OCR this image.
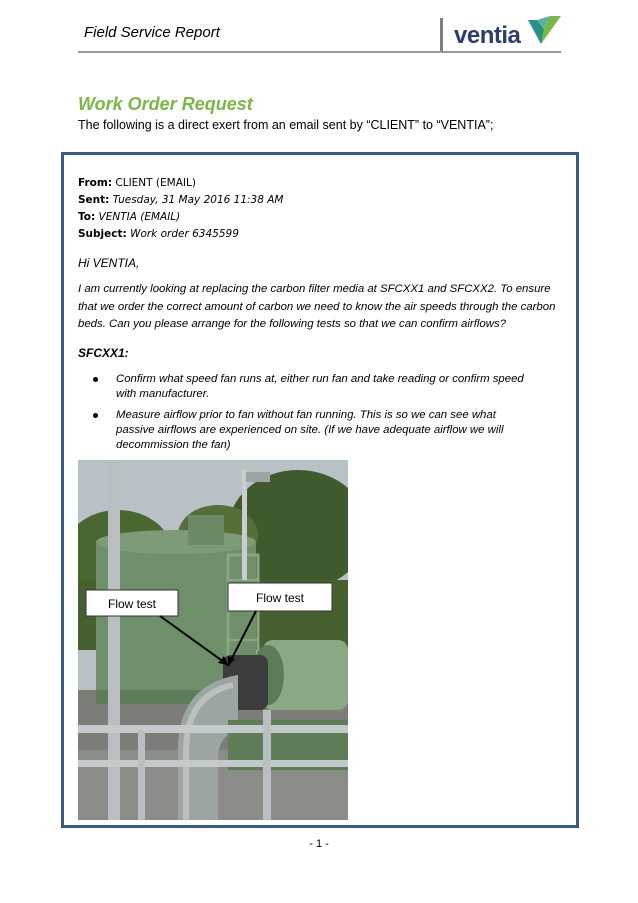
Field Service Report	ventia
Work Order Request
The following is a direct exert from an email sent by “CLIENT” to “VENTIA”;
From: CLIENT (EMAIL)
Sent: Tuesday, 31 May 2016 11:38 AM
To: VENTIA (EMAIL)
Subject: Work order 6345599
Hi VENTIA,
I am currently looking at replacing the carbon filter media at SFCXX1 and SFCXX2. To ensure that we order the correct amount of carbon we need to know the air speeds through the carbon beds. Can you please arrange for the following tests so that we can confirm airflows?
SFCXX1:
Confirm what speed fan runs at, either run fan and take reading or confirm speed with manufacturer.
Measure airflow prior to fan without fan running. This is so we can see what passive airflows are experienced on site. (If we have adequate airflow we will decommission the fan)
Flow test	Flow test
- 1 -
